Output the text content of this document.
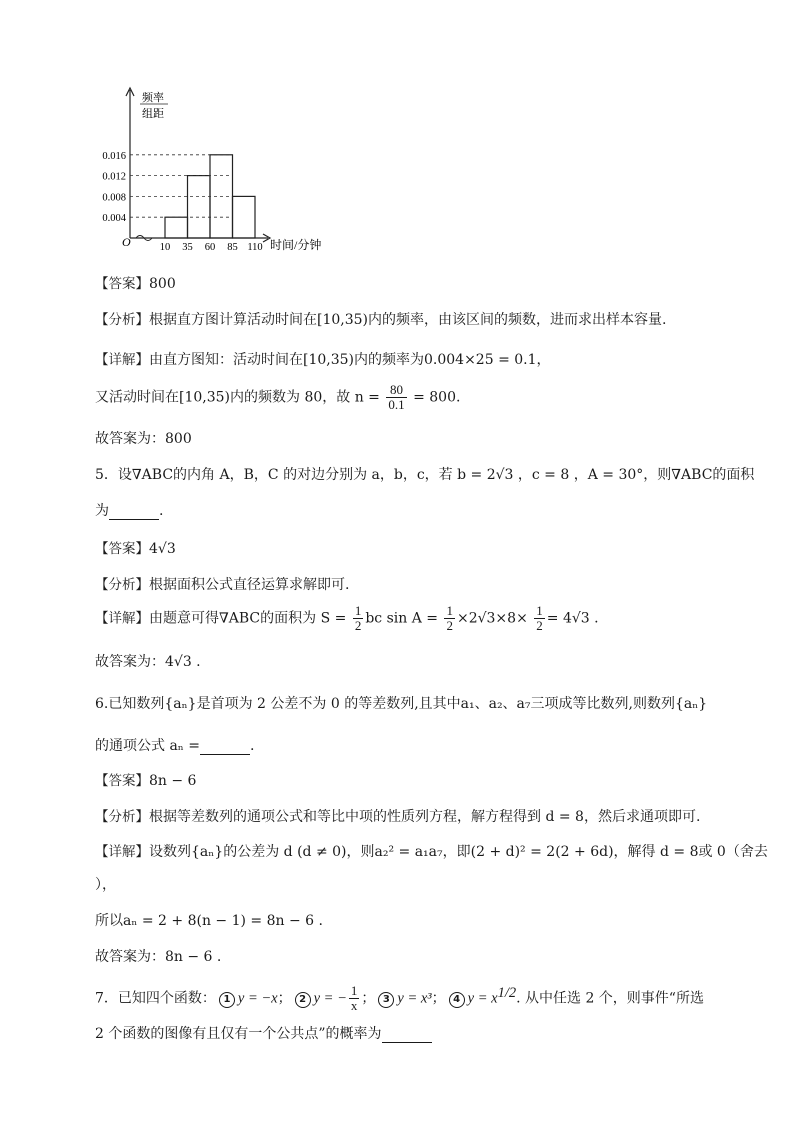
0.004
0.008
0.012
0.016
10 35 60 85 110
频率
组距
O	时间/分钟
【答案】800
【分析】根据直方图计算活动时间在[10,35)内的频率，由该区间的频数，进而求出样本容量.
【详解】由直方图知：活动时间在[10,35)内的频率为0.004×25 = 0.1，
又活动时间在[10,35)内的频数为 80，故 $n = \frac{80}{0.1} = 800$.
故答案为：800
5．设∇ABC的内角 A，B，C 的对边分别为 a，b，c，若 b = 2√3 ，c = 8 ，A = 30°，则∇ABC的面积
为	.
【答案】4√3
【分析】根据面积公式直径运算求解即可.
【详解】由题意可得∇ABC的面积为 $S = \frac{1}{2}$ bc $\sin A = \frac{1}{2} \times 2√3\times 8\times \frac{1}{2} = 4√3$ .
故答案为：4√3 .
6.已知数列{aₙ}是首项为 2 公差不为 0 的等差数列,且其中a₁、a₂、a₇三项成等比数列,则数列{aₙ}
的通项公式 aₙ =	.
【答案】8n − 6
【分析】根据等差数列的通项公式和等比中项的性质列方程，解方程得到 d = 8，然后求通项即可.
【详解】设数列{aₙ}的公差为 d (d ≠ 0)，则a₂² = a₁a₇，即(2 + d)² = 2(2 + 6d)，解得 d = 8或 0（舍去
），
所以aₙ = 2 + 8(n − 1) = 8n − 6 .
故答案为：8n − 6 .
7．已知四个函数： 1 y = −x； 2 y = − $\frac{1}{x}$ ； 3 y = x³； 4 $y = x^{1/2}$. 从中任选 2 个，则事件“所选
2 个函数的图像有且仅有一个公共点”的概率为
